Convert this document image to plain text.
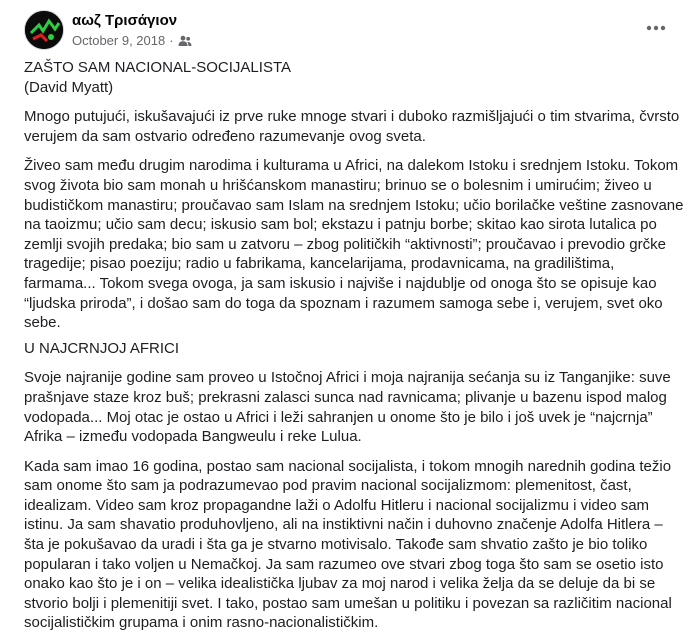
αωζ Τρισάγιον
October 9, 2018 ·

ZAŠTO SAM NACIONAL-SOCIJALISTA

(David Myatt)

Mnogo putujući, iskušavajući iz prve ruke mnoge stvari i duboko razmišljajući o tim stvarima, čvrsto verujem da sam ostvario određeno razumevanje ovog sveta.

Živeo sam među drugim narodima i kulturama u Africi, na dalekom Istoku i srednjem Istoku. Tokom svog života bio sam monah u hrišćanskom manastiru; brinuo se o bolesnim i umirućim; živeo u budističkom manastiru; proučavao sam Islam na srednjem Istoku; učio borilačke veštine zasnovane na taoizmu; učio sam decu; iskusio sam bol; ekstazu i patnju borbe; skitao kao sirota lutalica po zemlji svojih predaka; bio sam u zatvoru – zbog političkih “aktivnosti”; proučavao i prevodio grčke tragedije; pisao poeziju; radio u fabrikama, kancelarijama, prodavnicama, na gradilištima, farmama... Tokom svega ovoga, ja sam iskusio i najviše i najdublje od onoga što se opisuje kao “ljudska priroda”, i došao sam do toga da spoznam i razumem samoga sebe i, verujem, svet oko sebe.

U NAJCRNJOJ AFRICI

Svoje najranije godine sam proveo u Istočnoj Africi i moja najranija sećanja su iz Tanganjike: suve prašnjave staze kroz buš; prekrasni zalasci sunca nad ravnicama; plivanje u bazenu ispod malog vodopada... Moj otac je ostao u Africi i leži sahranjen u onome što je bilo i još uvek je “najcrnja” Afrika – između vodopada Bangweulu i reke Lulua.

Kada sam imao 16 godina, postao sam nacional socijalista, i tokom mnogih narednih godina težio sam onome što sam ja podrazumevao pod pravim nacional socijalizmom: plemenitost, čast, idealizam. Video sam kroz propagandne laži o Adolfu Hitleru i nacional socijalizmu i video sam istinu. Ja sam shavatio produhovljeno, ali na instiktivni način i duhovno značenje Adolfa Hitlera – šta je pokušavao da uradi i šta ga je stvarno motivisalo. Takođe sam shvatio zašto je bio toliko popularan i tako voljen u Nemačkoj. Ja sam razumeo ove stvari zbog toga što sam se osetio isto onako kao što je i on – velika idealistička ljubav za moj narod i velika želja da se deluje da bi se stvorio bolji i plemenitiji svet. I tako, postao sam umešan u politiku i povezan sa različitim nacional socijalističkim grupama i onim rasno-nacionalističkim.
